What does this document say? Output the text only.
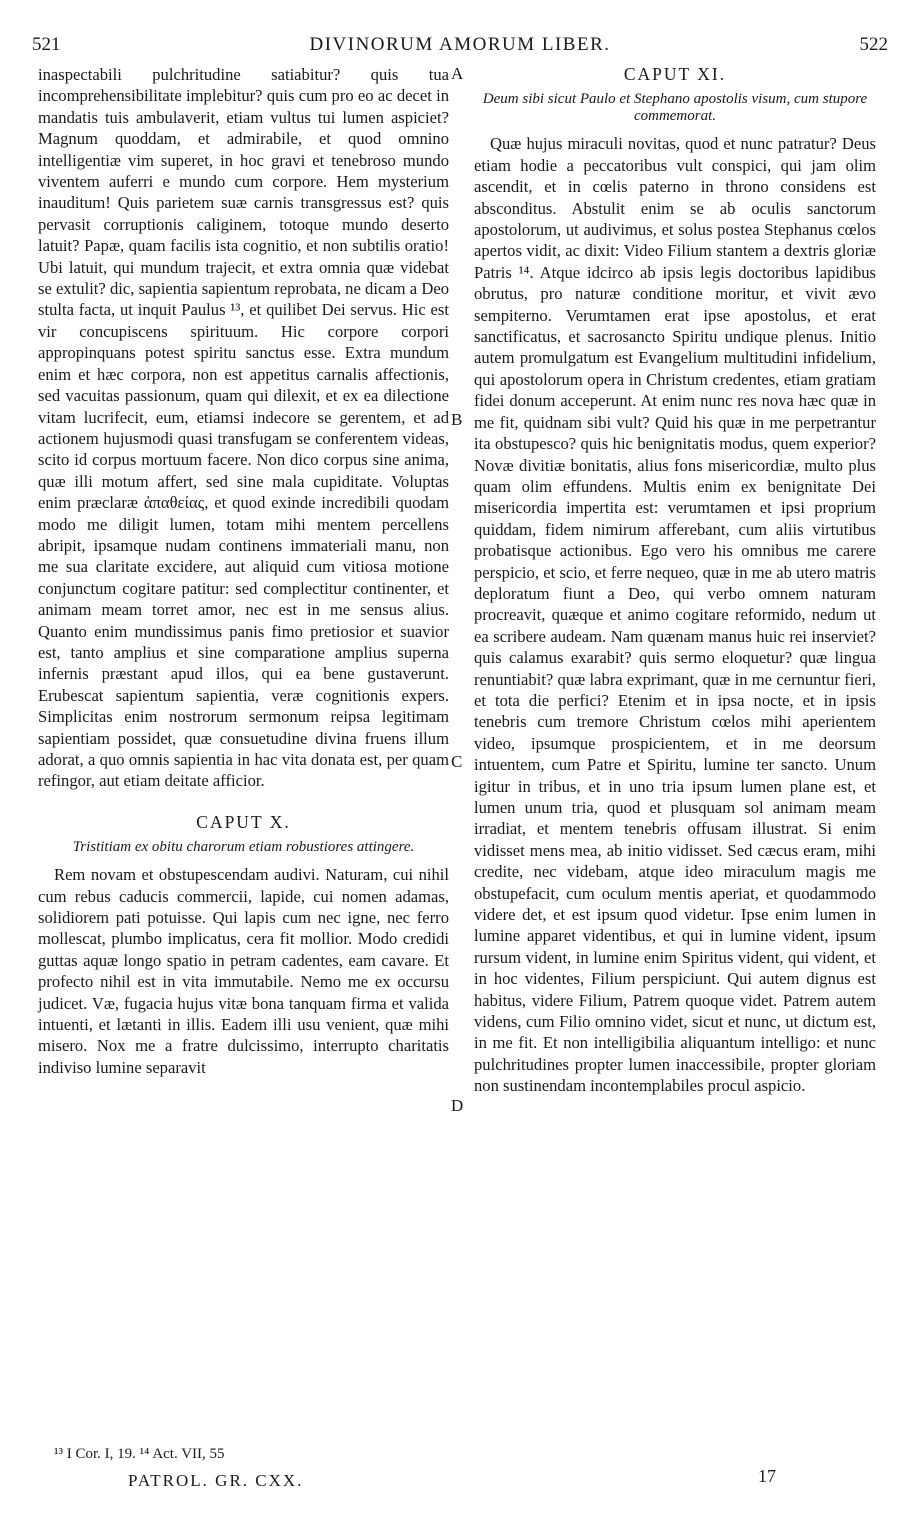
521	DIVINORUM AMORUM LIBER.	522

inaspectabili pulchritudine satiabitur? quis tua incomprehensibilitate implebitur? quis cum pro eo ac decet in mandatis tuis ambulaverit, etiam vultus tui lumen aspiciet? Magnum quoddam, et admirabile, et quod omnino intelligentiæ vim superet, in hoc gravi et tenebroso mundo viventem auferri e mundo cum corpore. Hem mysterium inauditum! Quis parietem suæ carnis transgressus est? quis pervasit corruptionis caliginem, totoque mundo deserto latuit? Papæ, quam facilis ista cognitio, et non subtilis oratio! Ubi latuit, qui mundum trajecit, et extra omnia quæ videbat se extulit? dic, sapientia sapientum reprobata, ne dicam a Deo stulta facta, ut inquit Paulus ¹³, et quilibet Dei servus. Hic est vir concupiscens spirituum. Hic corpore corpori appropinquans potest spiritu sanctus esse. Extra mundum enim et hæc corpora, non est appetitus carnalis affectionis, sed vacuitas passionum, quam qui dilexit, et ex ea dilectione vitam lucrifecit, eum, etiamsi indecore se gerentem, et ad actionem hujusmodi quasi transfugam se conferentem videas, scito id corpus mortuum facere. Non dico corpus sine anima, quæ illi motum affert, sed sine mala cupiditate. Voluptas enim præclaræ ἀπαθείας, et quod exinde incredibili quodam modo me diligit lumen, totam mihi mentem percellens abripit, ipsamque nudam continens immateriali manu, non me sua claritate excidere, aut aliquid cum vitiosa motione conjunctum cogitare patitur: sed complectitur continenter, et animam meam torret amor, nec est in me sensus alius. Quanto enim mundissimus panis fimo pretiosior et suavior est, tanto amplius et sine comparatione amplius superna infernis præstant apud illos, qui ea bene gustaverunt. Erubescat sapientum sapientia, veræ cognitionis expers. Simplicitas enim nostrorum sermonum reipsa legitimam sapientiam possidet, quæ consuetudine divina fruens illum adorat, a quo omnis sapientia in hac vita donata est, per quam refingor, aut etiam deitate afficior.

CAPUT X.
Tristitiam ex obitu charorum etiam robustiores attingere.

Rem novam et obstupescendam audivi. Naturam, cui nihil cum rebus caducis commercii, lapide, cui nomen adamas, solidiorem pati potuisse. Qui lapis cum nec igne, nec ferro mollescat, plumbo implicatus, cera fit mollior. Modo credidi guttas aquæ longo spatio in petram cadentes, eam cavare. Et profecto nihil est in vita immutabile. Nemo me ex occursu judicet. Væ, fugacia hujus vitæ bona tanquam firma et valida intuenti, et lætanti in illis. Eadem illi usu venient, quæ mihi misero. Nox me a fratre dulcissimo, interrupto charitatis indiviso lumine separavit

CAPUT XI.
Deum sibi sicut Paulo et Stephano apostolis visum, cum stupore commemorat.

Quæ hujus miraculi novitas, quod et nunc patratur? Deus etiam hodie a peccatoribus vult conspici, qui jam olim ascendit, et in cœlis paterno in throno considens est absconditus. Abstulit enim se ab oculis sanctorum apostolorum, ut audivimus, et solus postea Stephanus cœlos apertos vidit, ac dixit: Video Filium stantem a dextris gloriæ Patris ¹⁴. Atque idcirco ab ipsis legis doctoribus lapidibus obrutus, pro naturæ conditione moritur, et vivit ævo sempiterno. Verumtamen erat ipse apostolus, et erat sanctificatus, et sacrosancto Spiritu undique plenus. Initio autem promulgatum est Evangelium multitudini infidelium, qui apostolorum opera in Christum credentes, etiam gratiam fidei donum acceperunt. At enim nunc res nova hæc quæ in me fit, quidnam sibi vult? Quid his quæ in me perpetrantur ita obstupesco? quis hic benignitatis modus, quem experior? Novæ divitiæ bonitatis, alius fons misericordiæ, multo plus quam olim effundens. Multis enim ex benignitate Dei misericordia impertita est: verumtamen et ipsi proprium quiddam, fidem nimirum afferebant, cum aliis virtutibus probatisque actionibus. Ego vero his omnibus me carere perspicio, et scio, et ferre nequeo, quæ in me ab utero matris deploratum fiunt a Deo, qui verbo omnem naturam procreavit, quæque et animo cogitare reformido, nedum ut ea scribere audeam. Nam quænam manus huic rei inserviet? quis calamus exarabit? quis sermo eloquetur? quæ lingua renuntiabit? quæ labra exprimant, quæ in me cernuntur fieri, et tota die perfici? Etenim et in ipsa nocte, et in ipsis tenebris cum tremore Christum cœlos mihi aperientem video, ipsumque prospicientem, et in me deorsum intuentem, cum Patre et Spiritu, lumine ter sancto. Unum igitur in tribus, et in uno tria ipsum lumen plane est, et lumen unum tria, quod et plusquam sol animam meam irradiat, et mentem tenebris offusam illustrat. Si enim vidisset mens mea, ab initio vidisset. Sed cæcus eram, mihi credite, nec videbam, atque ideo miraculum magis me obstupefacit, cum oculum mentis aperiat, et quodammodo videre det, et est ipsum quod videtur. Ipse enim lumen in lumine apparet videntibus, et qui in lumine vident, ipsum rursum vident, in lumine enim Spiritus vident, qui vident, et in hoc videntes, Filium perspiciunt. Qui autem dignus est habitus, videre Filium, Patrem quoque videt. Patrem autem videns, cum Filio omnino videt, sicut et nunc, ut dictum est, in me fit. Et non intelligibilia aliquantum intelligo: et nunc pulchritudines propter lumen inaccessibile, propter gloriam non sustinendam incontemplabiles procul aspicio.

A
B
C
D
¹³ I Cor. I, 19. ¹⁴ Act. VII, 55
PATROL. GR. CXX.	17
